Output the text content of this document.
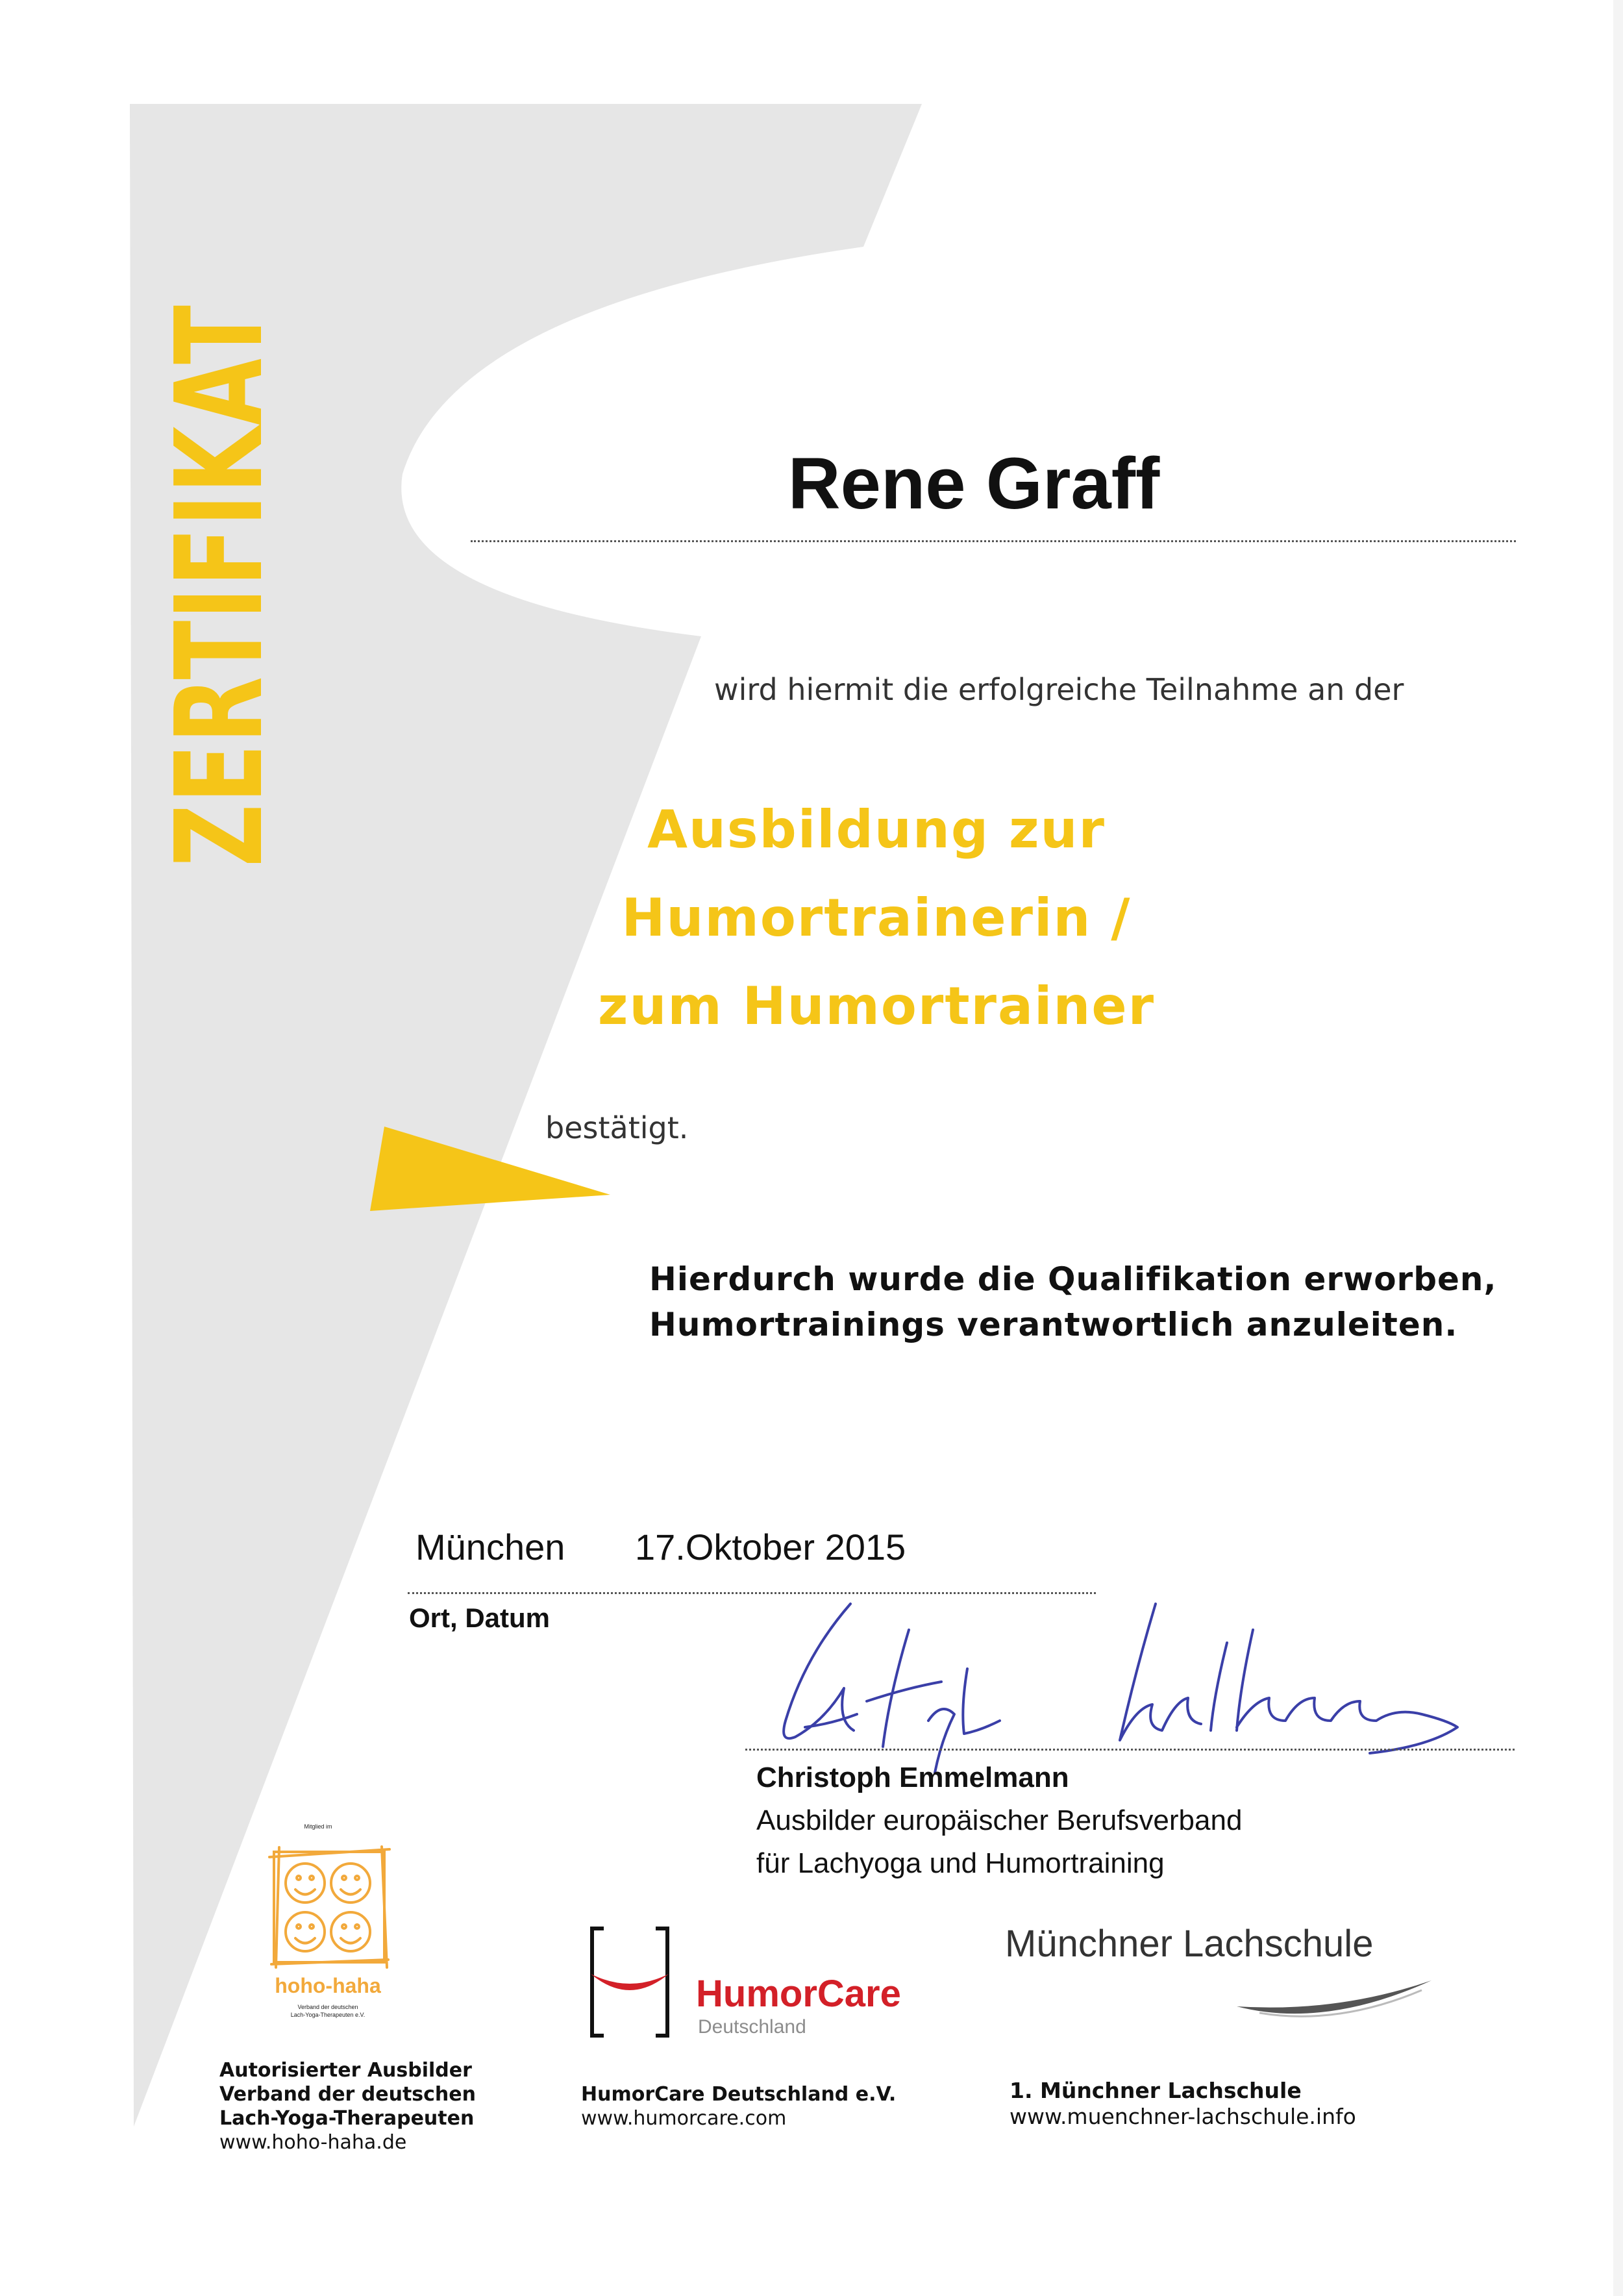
ZERTIFIKAT	Rene Graff
wird hiermit die erfolgreiche Teilnahme an der
Ausbildung zur
Humortrainerin /
zum Humortrainer
bestätigt.
Hierdurch wurde die Qualifikation erworben,
Humortrainings verantwortlich anzuleiten.
München 17.Oktober 2015
Ort, Datum
Christoph Emmelmann
Ausbilder europäischer Berufsverband
für Lachyoga und Humortraining
Mitglied im
hoho-haha
Verband der deutschen
Lach-Yoga-Therapeuten e.V.	HumorCare
Deutschland
Münchner Lachschule
Autorisierter Ausbilder
Verband der deutschen
Lach-Yoga-Therapeuten
www.hoho-haha.de
HumorCare Deutschland e.V.
www.humorcare.com
1. Münchner Lachschule
www.muenchner-lachschule.info
